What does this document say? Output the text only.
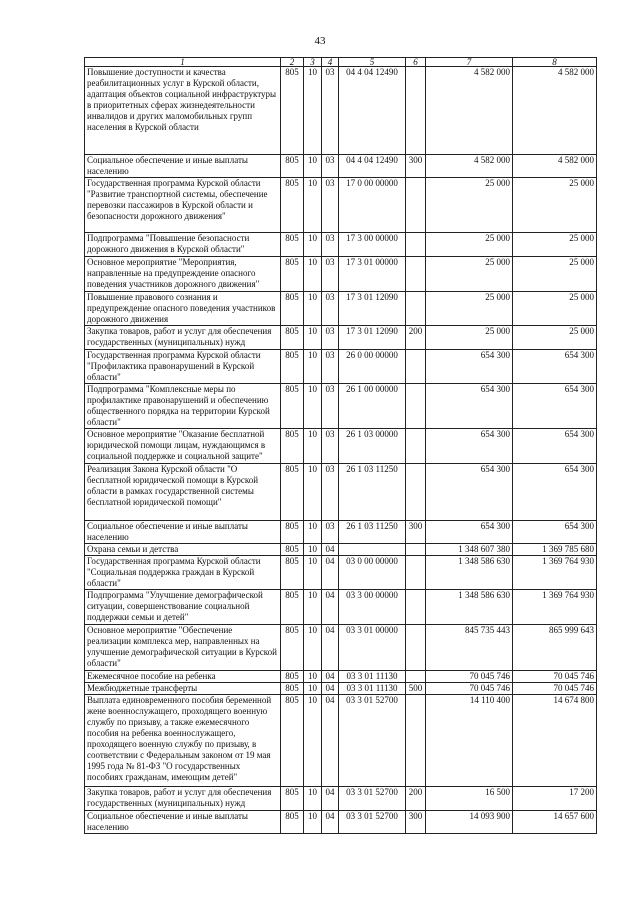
43
1	2	3	4	5	6	7	8
Повышение доступности и качества реабилитационных услуг в Курской области, адаптация объектов социальной инфраструктуры в приоритетных сферах жизнедеятельности инвалидов и других маломобильных групп населения в Курской области	805	10	03	04 4 04 12490		4 582 000	4 582 000
Социальное обеспечение и иные выплаты населению	805	10	03	04 4 04 12490	300	4 582 000	4 582 000
Государственная программа Курской области "Развитие транспортной системы, обеспечение перевозки пассажиров в Курской области и безопасности дорожного движения"	805	10	03	17 0 00 00000		25 000	25 000
Подпрограмма "Повышение безопасности дорожного движения в Курской области"	805	10	03	17 3 00 00000		25 000	25 000
Основное мероприятие "Мероприятия, направленные на предупреждение опасного поведения участников дорожного движения"	805	10	03	17 3 01 00000		25 000	25 000
Повышение правового сознания и предупреждение опасного поведения участников дорожного движения	805	10	03	17 3 01 12090		25 000	25 000
Закупка товаров, работ и услуг для обеспечения государственных (муниципальных) нужд	805	10	03	17 3 01 12090	200	25 000	25 000
Государственная программа Курской области "Профилактика правонарушений в Курской области"	805	10	03	26 0 00 00000		654 300	654 300
Подпрограмма "Комплексные меры по профилактике правонарушений и обеспечению общественного порядка на территории Курской области"	805	10	03	26 1 00 00000		654 300	654 300
Основное мероприятие "Оказание бесплатной юридической помощи лицам, нуждающимся в социальной поддержке и социальной защите"	805	10	03	26 1 03 00000		654 300	654 300
Реализация Закона Курской области "О бесплатной юридической помощи в Курской области в рамках государственной системы бесплатной юридической помощи"	805	10	03	26 1 03 11250		654 300	654 300
Социальное обеспечение и иные выплаты населению	805	10	03	26 1 03 11250	300	654 300	654 300
Охрана семьи и детства	805	10	04			1 348 607 380	1 369 785 680
Государственная программа Курской области "Социальная поддержка граждан в Курской области"	805	10	04	03 0 00 00000		1 348 586 630	1 369 764 930
Подпрограмма "Улучшение демографической ситуации, совершенствование социальной поддержки семьи и детей"	805	10	04	03 3 00 00000		1 348 586 630	1 369 764 930
Основное мероприятие "Обеспечение реализации комплекса мер, направленных на улучшение демографической ситуации в Курской области"	805	10	04	03 3 01 00000		845 735 443	865 999 643
Ежемесячное пособие на ребенка	805	10	04	03 3 01 11130		70 045 746	70 045 746
Межбюджетные трансферты	805	10	04	03 3 01 11130	500	70 045 746	70 045 746
Выплата единовременного пособия беременной жене военнослужащего, проходящего военную службу по призыву, а также ежемесячного пособия на ребенка военнослужащего, проходящего военную службу по призыву, в соответствии с Федеральным законом от 19 мая 1995 года № 81-ФЗ "О государственных пособиях гражданам, имеющим детей"	805	10	04	03 3 01 52700		14 110 400	14 674 800
Закупка товаров, работ и услуг для обеспечения государственных (муниципальных) нужд	805	10	04	03 3 01 52700	200	16 500	17 200
Социальное обеспечение и иные выплаты населению	805	10	04	03 3 01 52700	300	14 093 900	14 657 600
